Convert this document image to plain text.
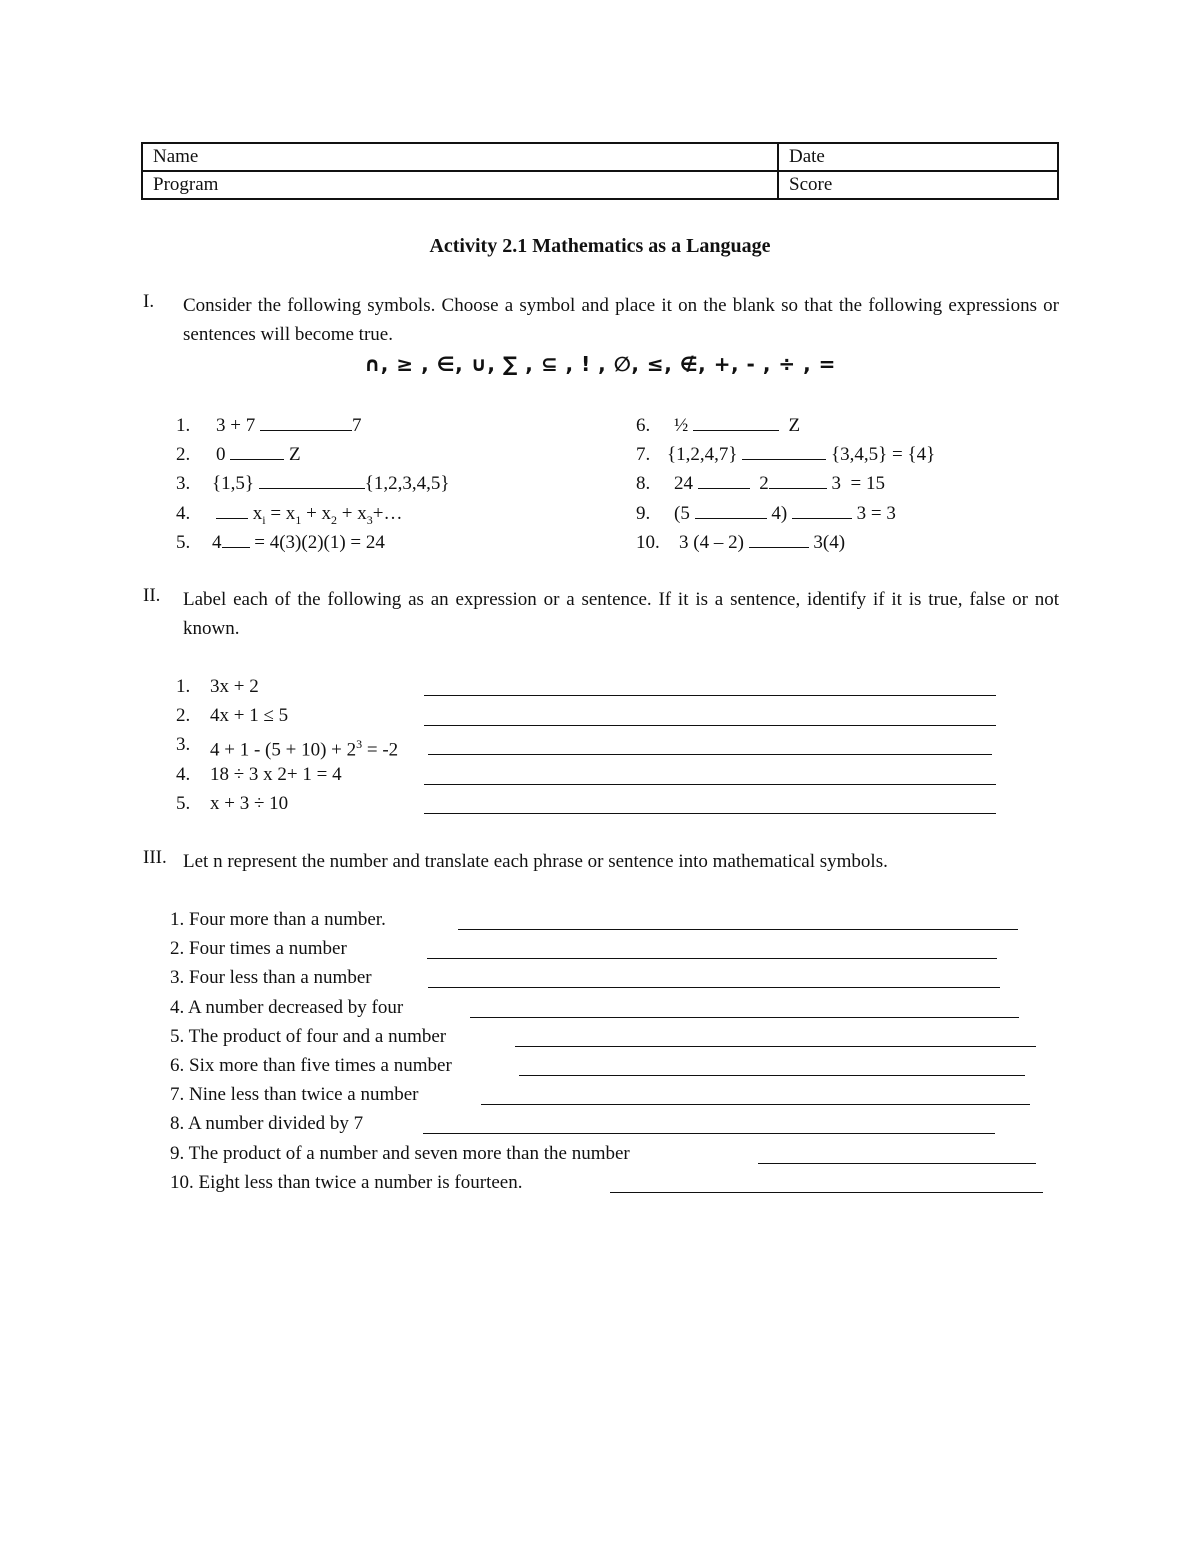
Name	Date
Program	Score
Activity 2.1 Mathematics as a Language
I. Consider the following symbols. Choose a symbol and place it on the blank so that the following expressions or sentences will become true.
∩, ≥ , ∈, ∪, ∑ , ⊆ , ! , ∅, ≤, ∉, +, - , ÷ , =
1. 3 + 7	7
2. 0	Z
3. {1,5}	{1,2,3,4,5}
4.	$x_i = x_1 + x_2$ + $x_3+\dots$
5. 4 = 4(3)(2)(1) = 24
6. ½	Z
7. {1,2,4,7}	{3,4,5} = {4}
8. 24	2	3 = 15
9. (5	4)	3 = 3
10. 3 (4 – 2)	3(4)
II. Label each of the following as an expression or a sentence. If it is a sentence, identify if it is true, false or not known.
1. 3x + 2
2. 4x + 1 ≤ 5
3. $4 + 1 - (5 + 10) + 2^3 = -2$
4. 18 ÷ 3 x 2+ 1 = 4
5. x + 3 ÷ 10
III. Let n represent the number and translate each phrase or sentence into mathematical symbols.
1. Four more than a number.
2. Four times a number
3. Four less than a number
4. A number decreased by four
5. The product of four and a number
6. Six more than five times a number
7. Nine less than twice a number
8. A number divided by 7
9. The product of a number and seven more than the number
10. Eight less than twice a number is fourteen.
